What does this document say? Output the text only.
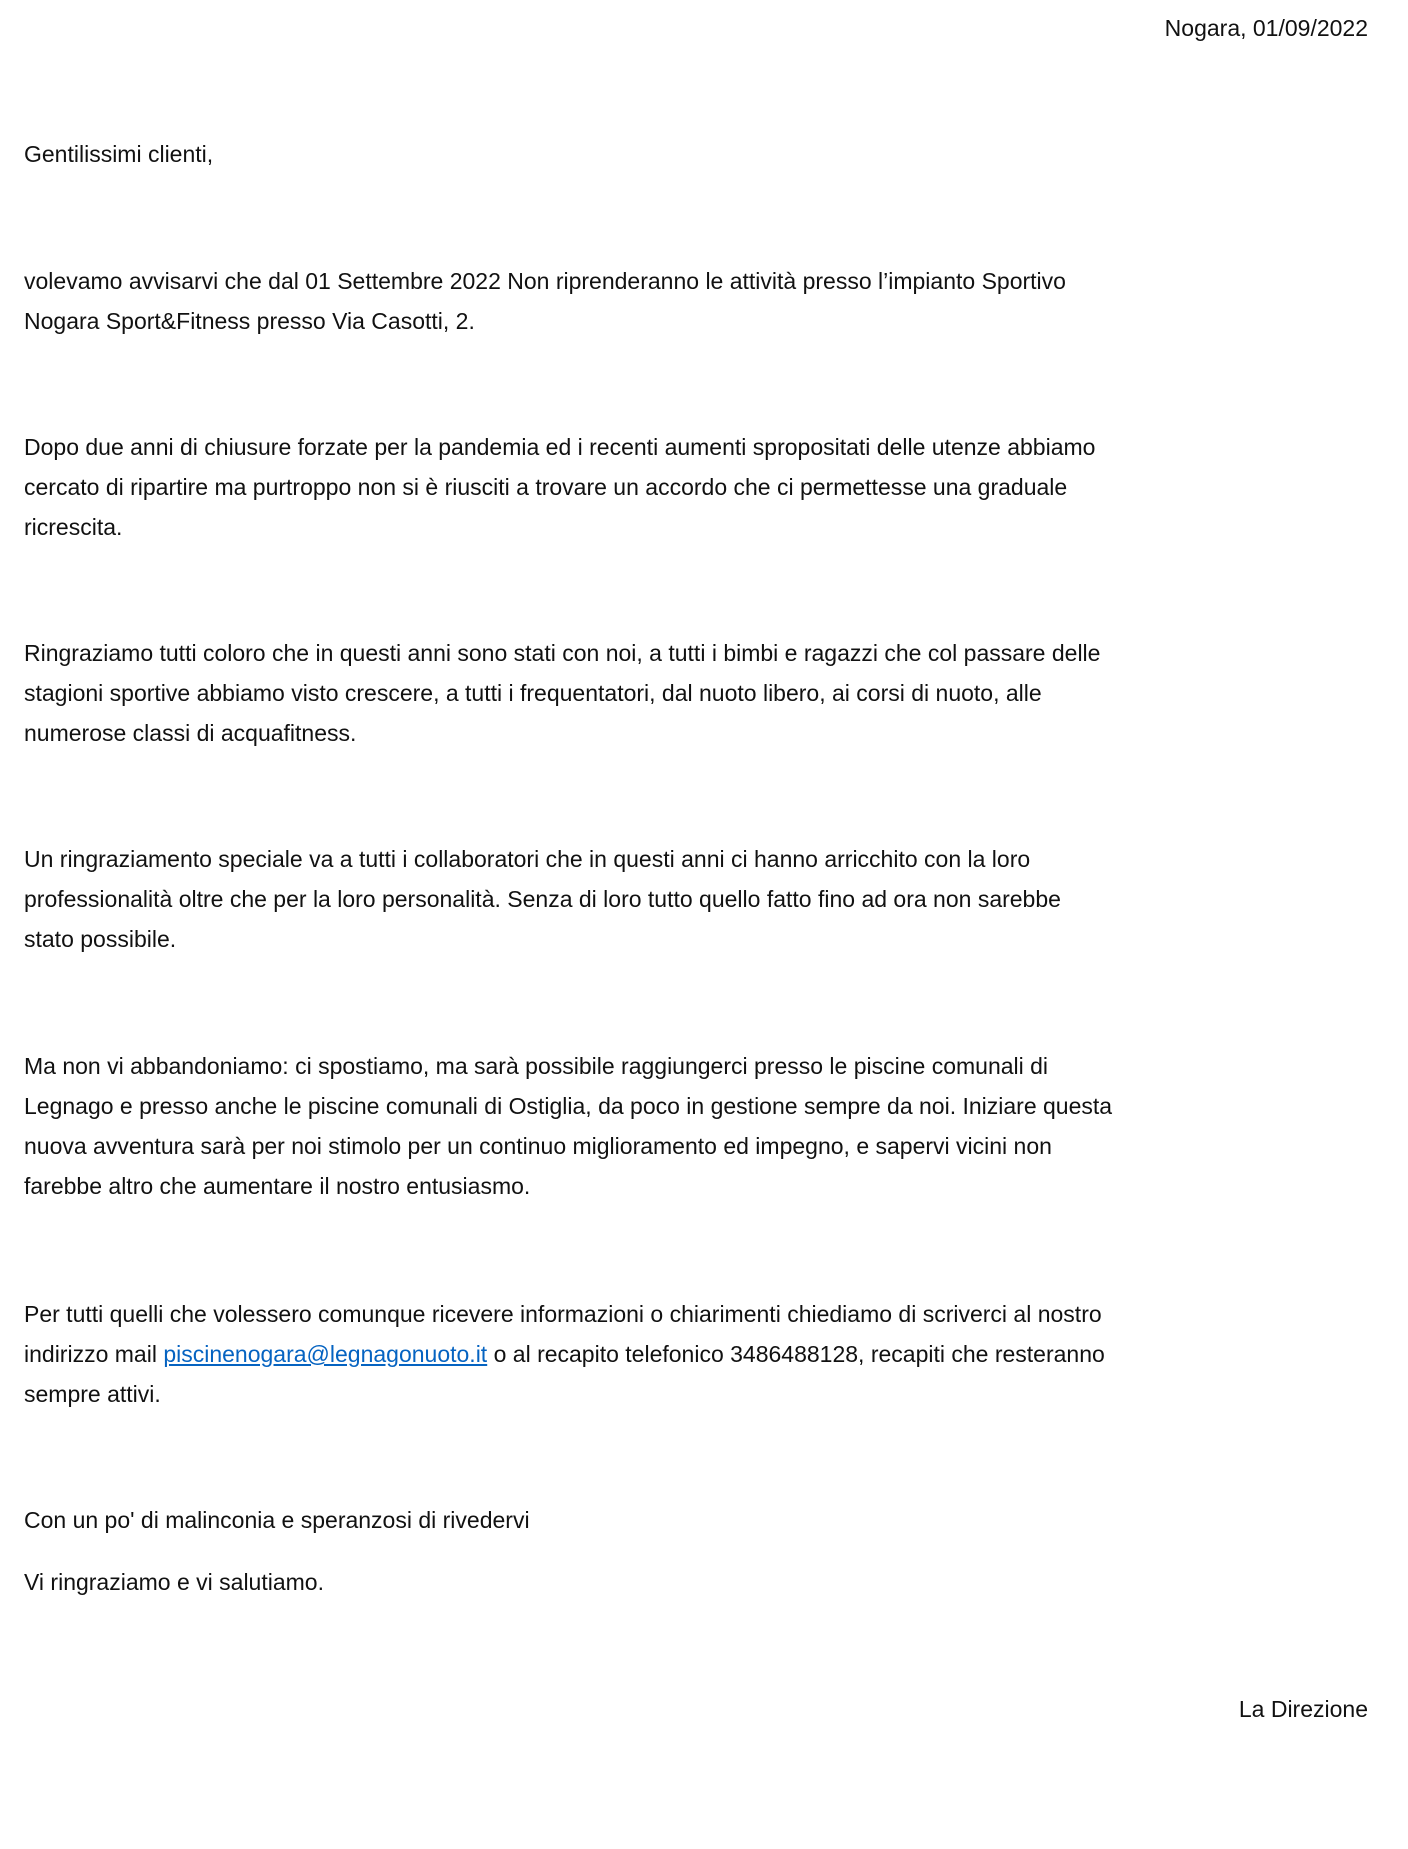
Nogara, 01/09/2022
Gentilissimi clienti,
volevamo avvisarvi che dal 01 Settembre 2022 Non riprenderanno le attività presso l’impianto Sportivo
Nogara Sport&Fitness presso Via Casotti, 2.
Dopo due anni di chiusure forzate per la pandemia ed i recenti aumenti spropositati delle utenze abbiamo
cercato di ripartire ma purtroppo non si è riusciti a trovare un accordo che ci permettesse una graduale
ricrescita.
Ringraziamo tutti coloro che in questi anni sono stati con noi, a tutti i bimbi e ragazzi che col passare delle
stagioni sportive abbiamo visto crescere, a tutti i frequentatori, dal nuoto libero, ai corsi di nuoto, alle
numerose classi di acquafitness.
Un ringraziamento speciale va a tutti i collaboratori che in questi anni ci hanno arricchito con la loro
professionalità oltre che per la loro personalità. Senza di loro tutto quello fatto fino ad ora non sarebbe
stato possibile.
Ma non vi abbandoniamo: ci spostiamo, ma sarà possibile raggiungerci presso le piscine comunali di
Legnago e presso anche le piscine comunali di Ostiglia, da poco in gestione sempre da noi. Iniziare questa
nuova avventura sarà per noi stimolo per un continuo miglioramento ed impegno, e sapervi vicini non
farebbe altro che aumentare il nostro entusiasmo.
Per tutti quelli che volessero comunque ricevere informazioni o chiarimenti chiediamo di scriverci al nostro
indirizzo mail piscinenogara@legnagonuoto.it o al recapito telefonico 3486488128, recapiti che resteranno
sempre attivi.
Con un po' di malinconia e speranzosi di rivedervi
Vi ringraziamo e vi salutiamo.
La Direzione
